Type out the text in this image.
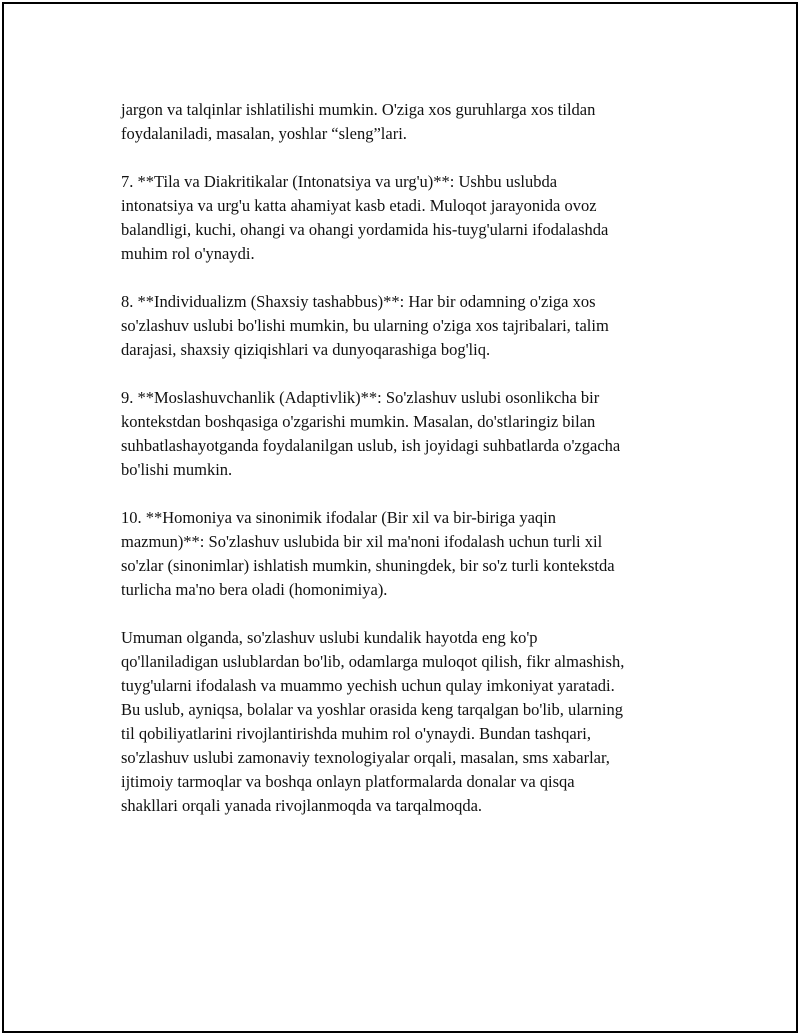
jargon va talqinlar ishlatilishi mumkin. O'ziga xos guruhlarga xos tildan
foydalaniladi, masalan, yoshlar “sleng”lari.

7. **Tila va Diakritikalar (Intonatsiya va urg'u)**: Ushbu uslubda
intonatsiya va urg'u katta ahamiyat kasb etadi. Muloqot jarayonida ovoz
balandligi, kuchi, ohangi va ohangi yordamida his-tuyg'ularni ifodalashda
muhim rol o'ynaydi.

8. **Individualizm (Shaxsiy tashabbus)**: Har bir odamning o'ziga xos
so'zlashuv uslubi bo'lishi mumkin, bu ularning o'ziga xos tajribalari, talim
darajasi, shaxsiy qiziqishlari va dunyoqarashiga bog'liq.

9. **Moslashuvchanlik (Adaptivlik)**: So'zlashuv uslubi osonlikcha bir
kontekstdan boshqasiga o'zgarishi mumkin. Masalan, do'stlaringiz bilan
suhbatlashayotganda foydalanilgan uslub, ish joyidagi suhbatlarda o'zgacha
bo'lishi mumkin.

10. **Homoniya va sinonimik ifodalar (Bir xil va bir-biriga yaqin
mazmun)**: So'zlashuv uslubida bir xil ma'noni ifodalash uchun turli xil
so'zlar (sinonimlar) ishlatish mumkin, shuningdek, bir so'z turli kontekstda
turlicha ma'no bera oladi (homonimiya).

Umuman olganda, so'zlashuv uslubi kundalik hayotda eng ko'p
qo'llaniladigan uslublardan bo'lib, odamlarga muloqot qilish, fikr almashish,
tuyg'ularni ifodalash va muammo yechish uchun qulay imkoniyat yaratadi.
Bu uslub, ayniqsa, bolalar va yoshlar orasida keng tarqalgan bo'lib, ularning
til qobiliyatlarini rivojlantirishda muhim rol o'ynaydi. Bundan tashqari,
so'zlashuv uslubi zamonaviy texnologiyalar orqali, masalan, sms xabarlar,
ijtimoiy tarmoqlar va boshqa onlayn platformalarda donalar va qisqa
shakllari orqali yanada rivojlanmoqda va tarqalmoqda.
